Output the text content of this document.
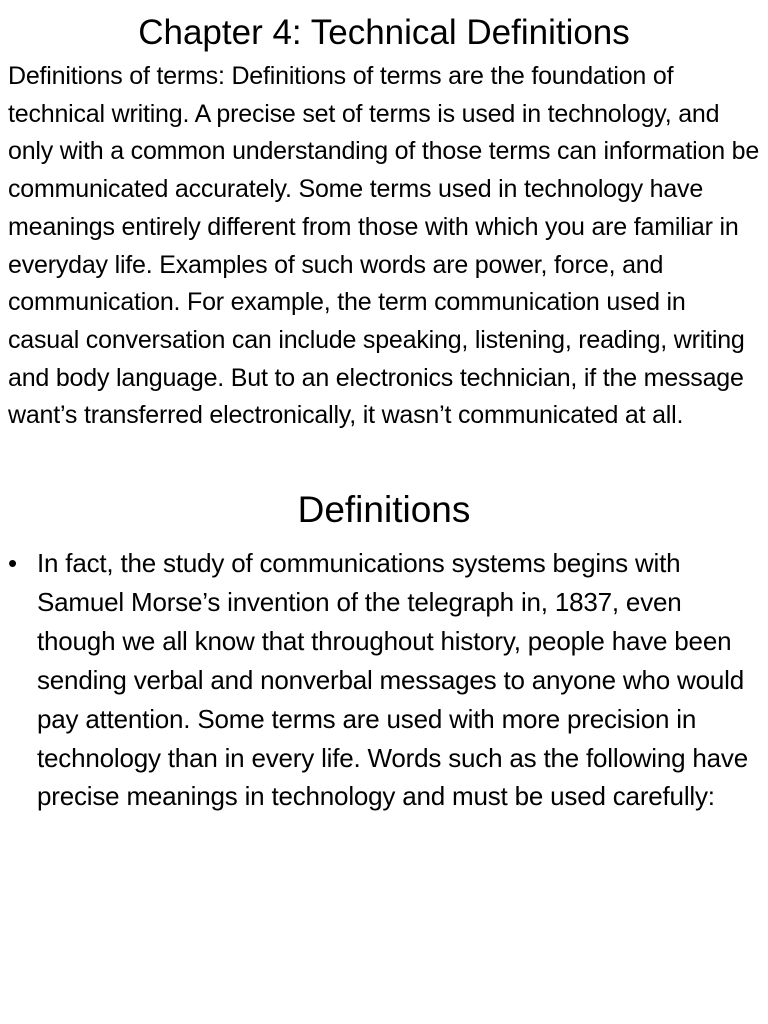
Chapter 4: Technical Definitions

Definitions of terms: Definitions of terms are the foundation of technical writing. A precise set of terms is used in technology, and only with a common understanding of those terms can information be communicated accurately. Some terms used in technology have meanings entirely different from those with which you are familiar in everyday life. Examples of such words are power, force, and communication. For example, the term communication used in casual conversation can include speaking, listening, reading, writing and body language. But to an electronics technician, if the message want’s transferred electronically, it wasn’t communicated at all.

Definitions
• In fact, the study of communications systems begins with Samuel Morse’s invention of the telegraph in, 1837, even though we all know that throughout history, people have been sending verbal and nonverbal messages to anyone who would pay attention. Some terms are used with more precision in technology than in every life. Words such as the following have precise meanings in technology and must be used carefully:
